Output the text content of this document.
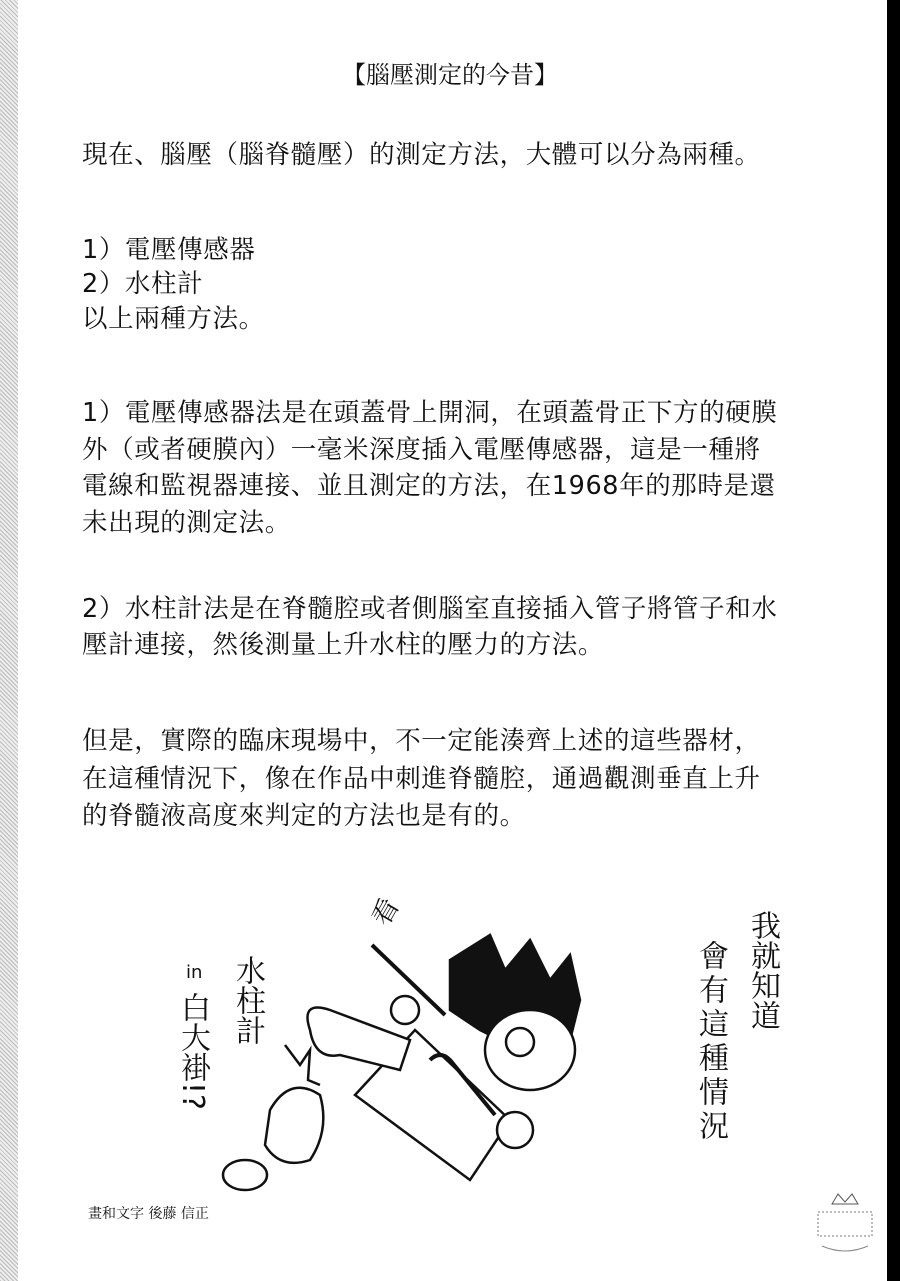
【腦壓測定的今昔】
現在、腦壓（腦脊髓壓）的測定方法，大體可以分為兩種。
1）電壓傳感器
2）水柱計
以上兩種方法。
1）電壓傳感器法是在頭蓋骨上開洞，在頭蓋骨正下方的硬膜
外（或者硬膜內）一毫米深度插入電壓傳感器，這是一種將
電線和監視器連接、並且測定的方法，在1968年的那時是還
未出現的測定法。
2）水柱計法是在脊髓腔或者側腦室直接插入管子將管子和水
壓計連接，然後測量上升水柱的壓力的方法。
但是，實際的臨床現場中，不一定能湊齊上述的這些器材，
在這種情況下，像在作品中刺進脊髓腔，通過觀測垂直上升
的脊髓液高度來判定的方法也是有的。
看	我就知道
會有這種情況
水柱計
in
白大褂!?
畫和文字 後藤 信正
